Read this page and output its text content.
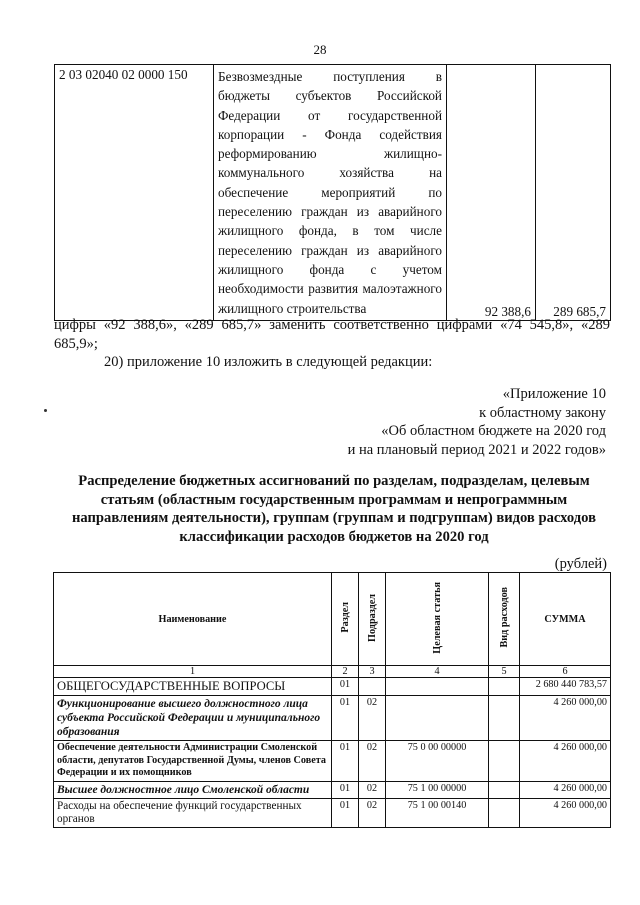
28
2 03 02040 02 0000 150	Безвозмездные поступления в бюджеты субъектов Российской Федерации от государственной корпорации - Фонда содействия реформированию жилищно-коммунального хозяйства на обеспечение мероприятий по переселению граждан из аварийного жилищного фонда, в том числе переселению граждан из аварийного жилищного фонда с учетом необходимости развития малоэтажного жилищного строительства	92 388,6	289 685,7
цифры «92 388,6», «289 685,7» заменить соответственно цифрами «74 545,8», «289 685,9»;
20) приложение 10 изложить в следующей редакции:
«Приложение 10
к областному закону
«Об областном бюджете на 2020 год
и на плановый период 2021 и 2022 годов»
Распределение бюджетных ассигнований по разделам, подразделам, целевым статьям (областным государственным программам и непрограммным направлениям деятельности), группам (группам и подгруппам) видов расходов классификации расходов бюджетов на 2020 год
(рублей)
Наименование	Раздел	Подраздел	Целевая статья	Вид расходов	СУММА
1	2	3	4	5	6
ОБЩЕГОСУДАРСТВЕННЫЕ ВОПРОСЫ	01				2 680 440 783,57
Функционирование высшего должностного лица субъекта Российской Федерации и муниципального образования	01	02			4 260 000,00
Обеспечение деятельности Администрации Смоленской области, депутатов Государственной Думы, членов Совета Федерации и их помощников	01	02	75 0 00 00000		4 260 000,00
Высшее должностное лицо Смоленской области	01	02	75 1 00 00000		4 260 000,00
Расходы на обеспечение функций государственных органов	01	02	75 1 00 00140		4 260 000,00
